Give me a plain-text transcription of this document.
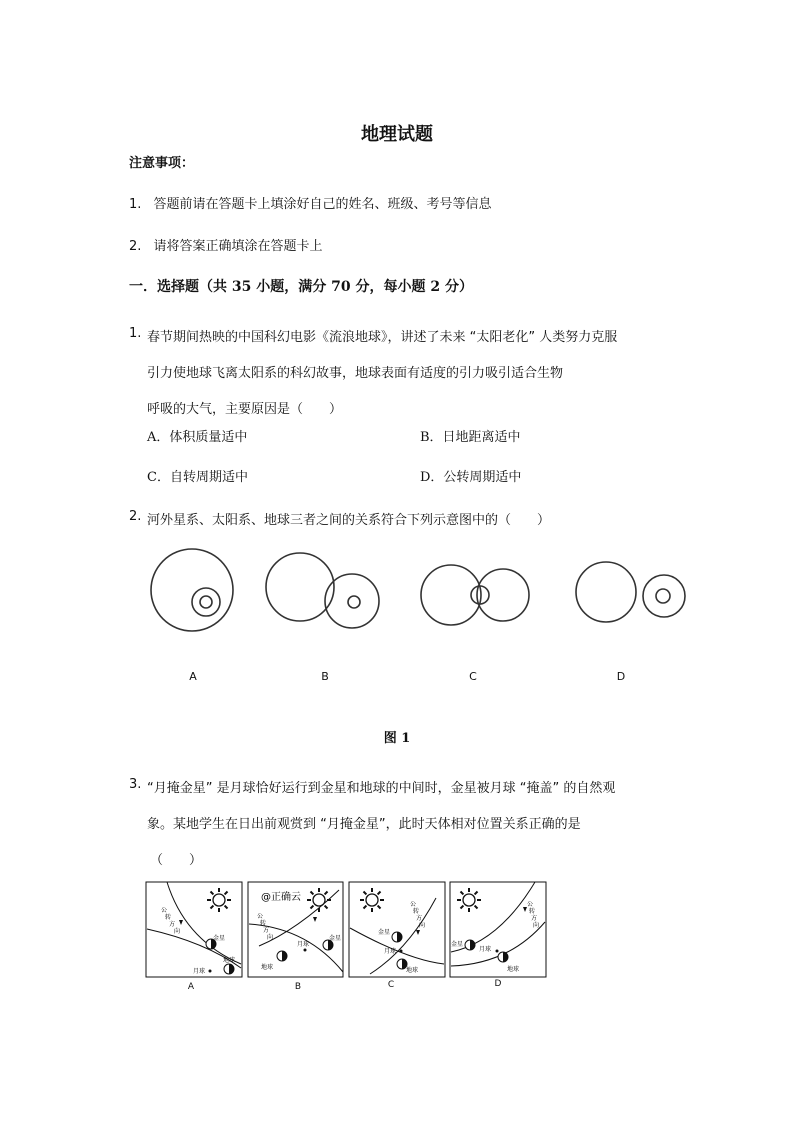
地理试题
注意事项：
1. 答题前请在答题卡上填涂好自己的姓名、班级、考号等信息
2. 请将答案正确填涂在答题卡上
一．选择题（共 35 小题，满分 70 分，每小题 2 分）
1. 春节期间热映的中国科幻电影《流浪地球》，讲述了未来 “太阳老化” 人类努力克服
引力使地球飞离太阳系的科幻故事，地球表面有适度的引力吸引适合生物
呼吸的大气，主要原因是（　　）
A．体积质量适中	B．日地距离适中
C．自转周期适中	D．公转周期适中
2. 河外星系、太阳系、地球三者之间的关系符合下列示意图中的（　　）
A	B	C	D
图 1
3. “月掩金星” 是月球恰好运行到金星和地球的中间时，金星被月球 “掩盖” 的自然观
象。某地学生在日出前观赏到 “月掩金星”，此时天体相对位置关系正确的是
（　　）
公
转
方
向
金星
地球
月球
@正确云
公
转
方
向	金星
地球
月球
金星
地球
月球
公
转
方
向
金星
地球
月球
公
转
方
向
A	B	C	D
